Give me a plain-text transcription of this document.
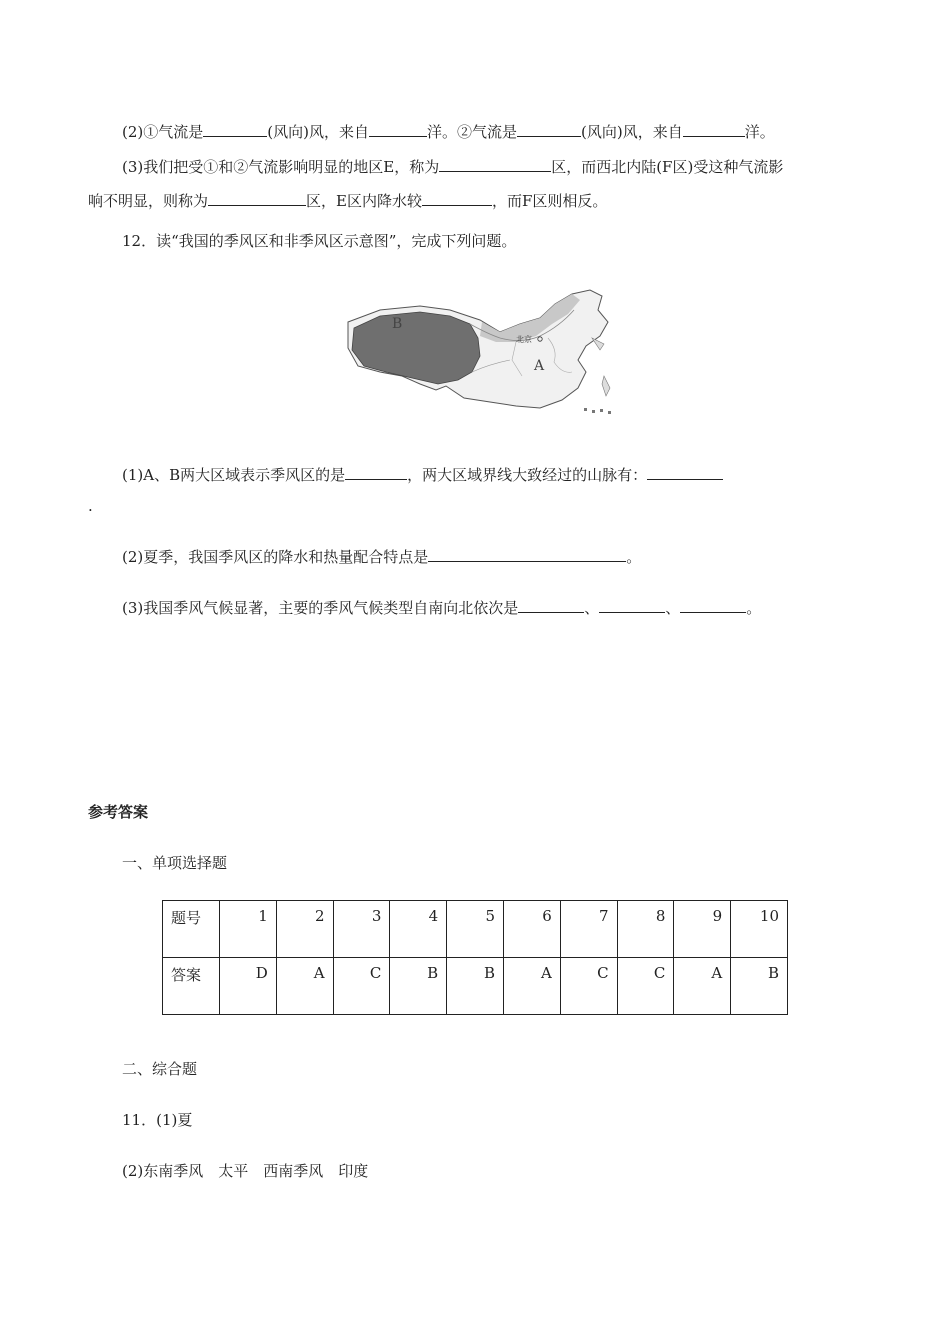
(2)①气流是	(风向)风，来自	洋。②气流是	(风向)风，来自	洋。
(3)我们把受①和②气流影响明显的地区E，称为	区，而西北内陆(F区)受这种气流影
响不明显，则称为	区，E区内降水较	，而F区则相反。
12．读“我国的季风区和非季风区示意图”，完成下列问题。
B
A
北京
(1)A、B两大区域表示季风区的是	，两大区域界线大致经过的山脉有：
.
(2)夏季，我国季风区的降水和热量配合特点是	。
(3)我国季风气候显著，主要的季风气候类型自南向北依次是	、	、	。
参考答案
一、单项选择题
题号	1	2	3	4	5	6	7	8	9	10
答案	D	A	C	B	B	A	C	C	A	B
二、综合题
11．(1)夏
(2)东南季风　太平　西南季风　印度
